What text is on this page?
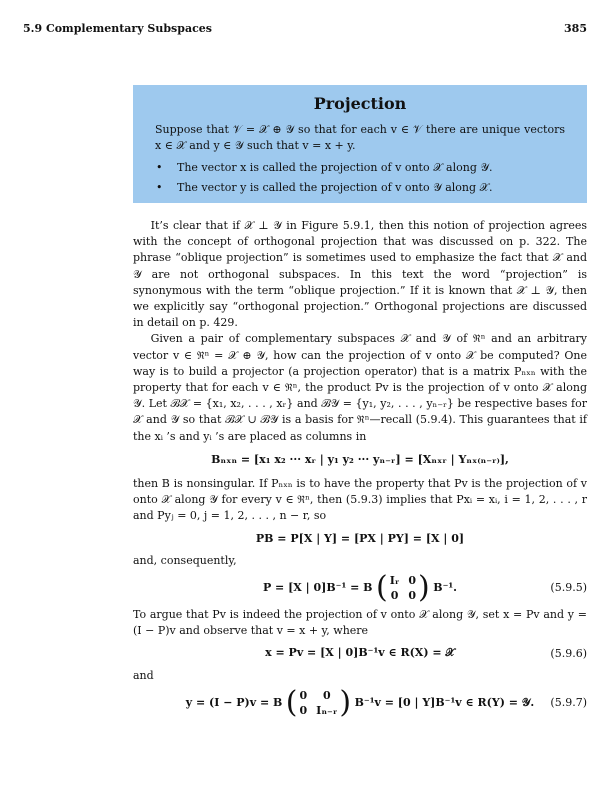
5.9 Complementary Subspaces	385
Projection
Suppose that 𝒱 = 𝒳 ⊕ 𝒴 so that for each v ∈ 𝒱 there are unique vectors x ∈ 𝒳 and y ∈ 𝒴 such that v = x + y.
• The vector x is called the projection of v onto 𝒳 along 𝒴.
• The vector y is called the projection of v onto 𝒴 along 𝒳.

It’s clear that if 𝒳 ⊥ 𝒴 in Figure 5.9.1, then this notion of projection agrees with the concept of orthogonal projection that was discussed on p. 322. The phrase “oblique projection” is sometimes used to emphasize the fact that 𝒳 and 𝒴 are not orthogonal subspaces. In this text the word “projection” is synonymous with the term “oblique projection.” If it is known that 𝒳 ⊥ 𝒴, then we explicitly say “orthogonal projection.” Orthogonal projections are discussed in detail on p. 429.

Given a pair of complementary subspaces 𝒳 and 𝒴 of ℜⁿ and an arbitrary vector v ∈ ℜⁿ = 𝒳 ⊕ 𝒴, how can the projection of v onto 𝒳 be computed? One way is to build a projector (a projection operator) that is a matrix Pₙₓₙ with the property that for each v ∈ ℜⁿ, the product Pv is the projection of v onto 𝒳 along 𝒴. Let ℬ𝒳 = {x₁, x₂, . . . , xᵣ} and ℬ𝒴 = {y₁, y₂, . . . , yₙ₋ᵣ} be respective bases for 𝒳 and 𝒴 so that ℬ𝒳 ∪ ℬ𝒴 is a basis for ℜⁿ—recall (5.9.4). This guarantees that if the xᵢ ’s and yᵢ ’s are placed as columns in

Bₙₓₙ = [x₁ x₂ ··· xᵣ | y₁ y₂ ··· yₙ₋ᵣ] = [Xₙₓᵣ | Yₙₓ₍ₙ₋ᵣ₎],

then B is nonsingular. If Pₙₓₙ is to have the property that Pv is the projection of v onto 𝒳 along 𝒴 for every v ∈ ℜⁿ, then (5.9.3) implies that Pxᵢ = xᵢ, i = 1, 2, . . . , r and Pyⱼ = 0, j = 1, 2, . . . , n − r, so

PB = P[X | Y] = [PX | PY] = [X | 0]

and, consequently,

P = [X | 0]B⁻¹ = B ( Iᵣ 0
0 0 ) B⁻¹.	(5.9.5)

To argue that Pv is indeed the projection of v onto 𝒳 along 𝒴, set x = Pv and y = (I − P)v and observe that v = x + y, where

x = Pv = [X | 0]B⁻¹v ∈ R(X) = 𝒳	(5.9.6)

and

y = (I − P)v = B ( 0	0
0 Iₙ₋ᵣ ) B⁻¹v = [0 | Y]B⁻¹v ∈ R(Y) = 𝒴. (5.9.7)
